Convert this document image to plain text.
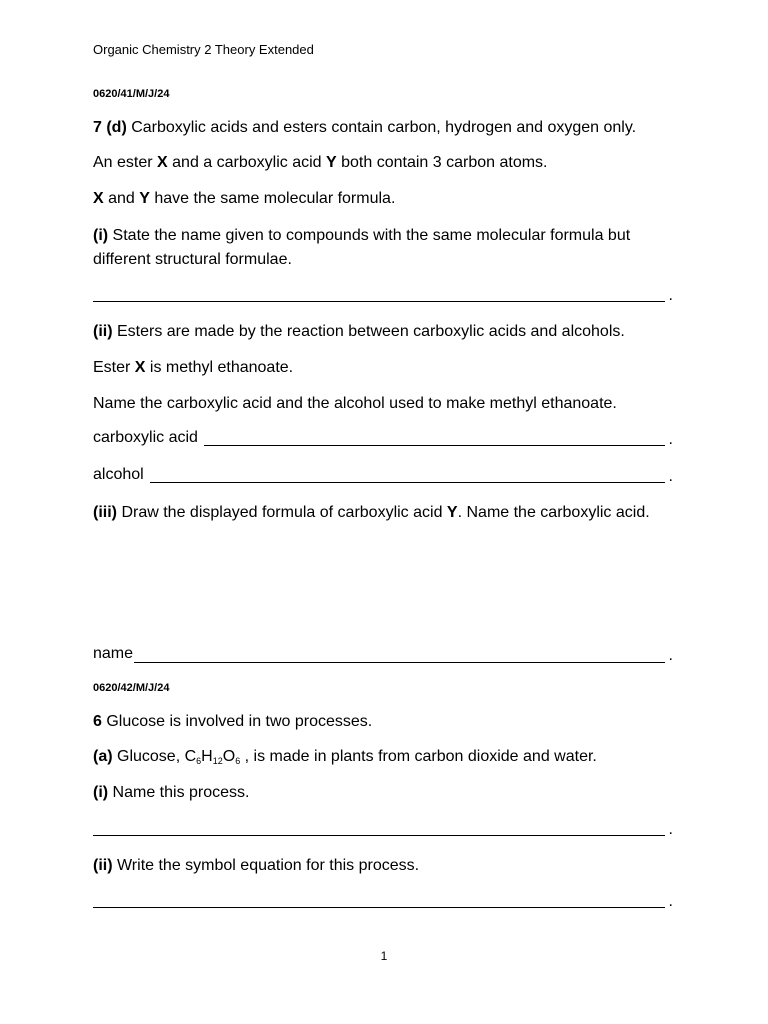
Organic Chemistry 2 Theory Extended
0620/41/M/J/24
7 (d) Carboxylic acids and esters contain carbon, hydrogen and oxygen only.
An ester X and a carboxylic acid Y both contain 3 carbon atoms.
X and Y have the same molecular formula.
(i) State the name given to compounds with the same molecular formula but different structural formulae.
.
(ii) Esters are made by the reaction between carboxylic acids and alcohols.
Ester X is methyl ethanoate.
Name the carboxylic acid and the alcohol used to make methyl ethanoate.
carboxylic acid	.
alcohol	.
(iii) Draw the displayed formula of carboxylic acid Y. Name the carboxylic acid.
name	.
0620/42/M/J/24
6 Glucose is involved in two processes.
(a) Glucose, $C_6H_{12}O_6$ , is made in plants from carbon dioxide and water.
(i) Name this process.
.
(ii) Write the symbol equation for this process.
.
1
